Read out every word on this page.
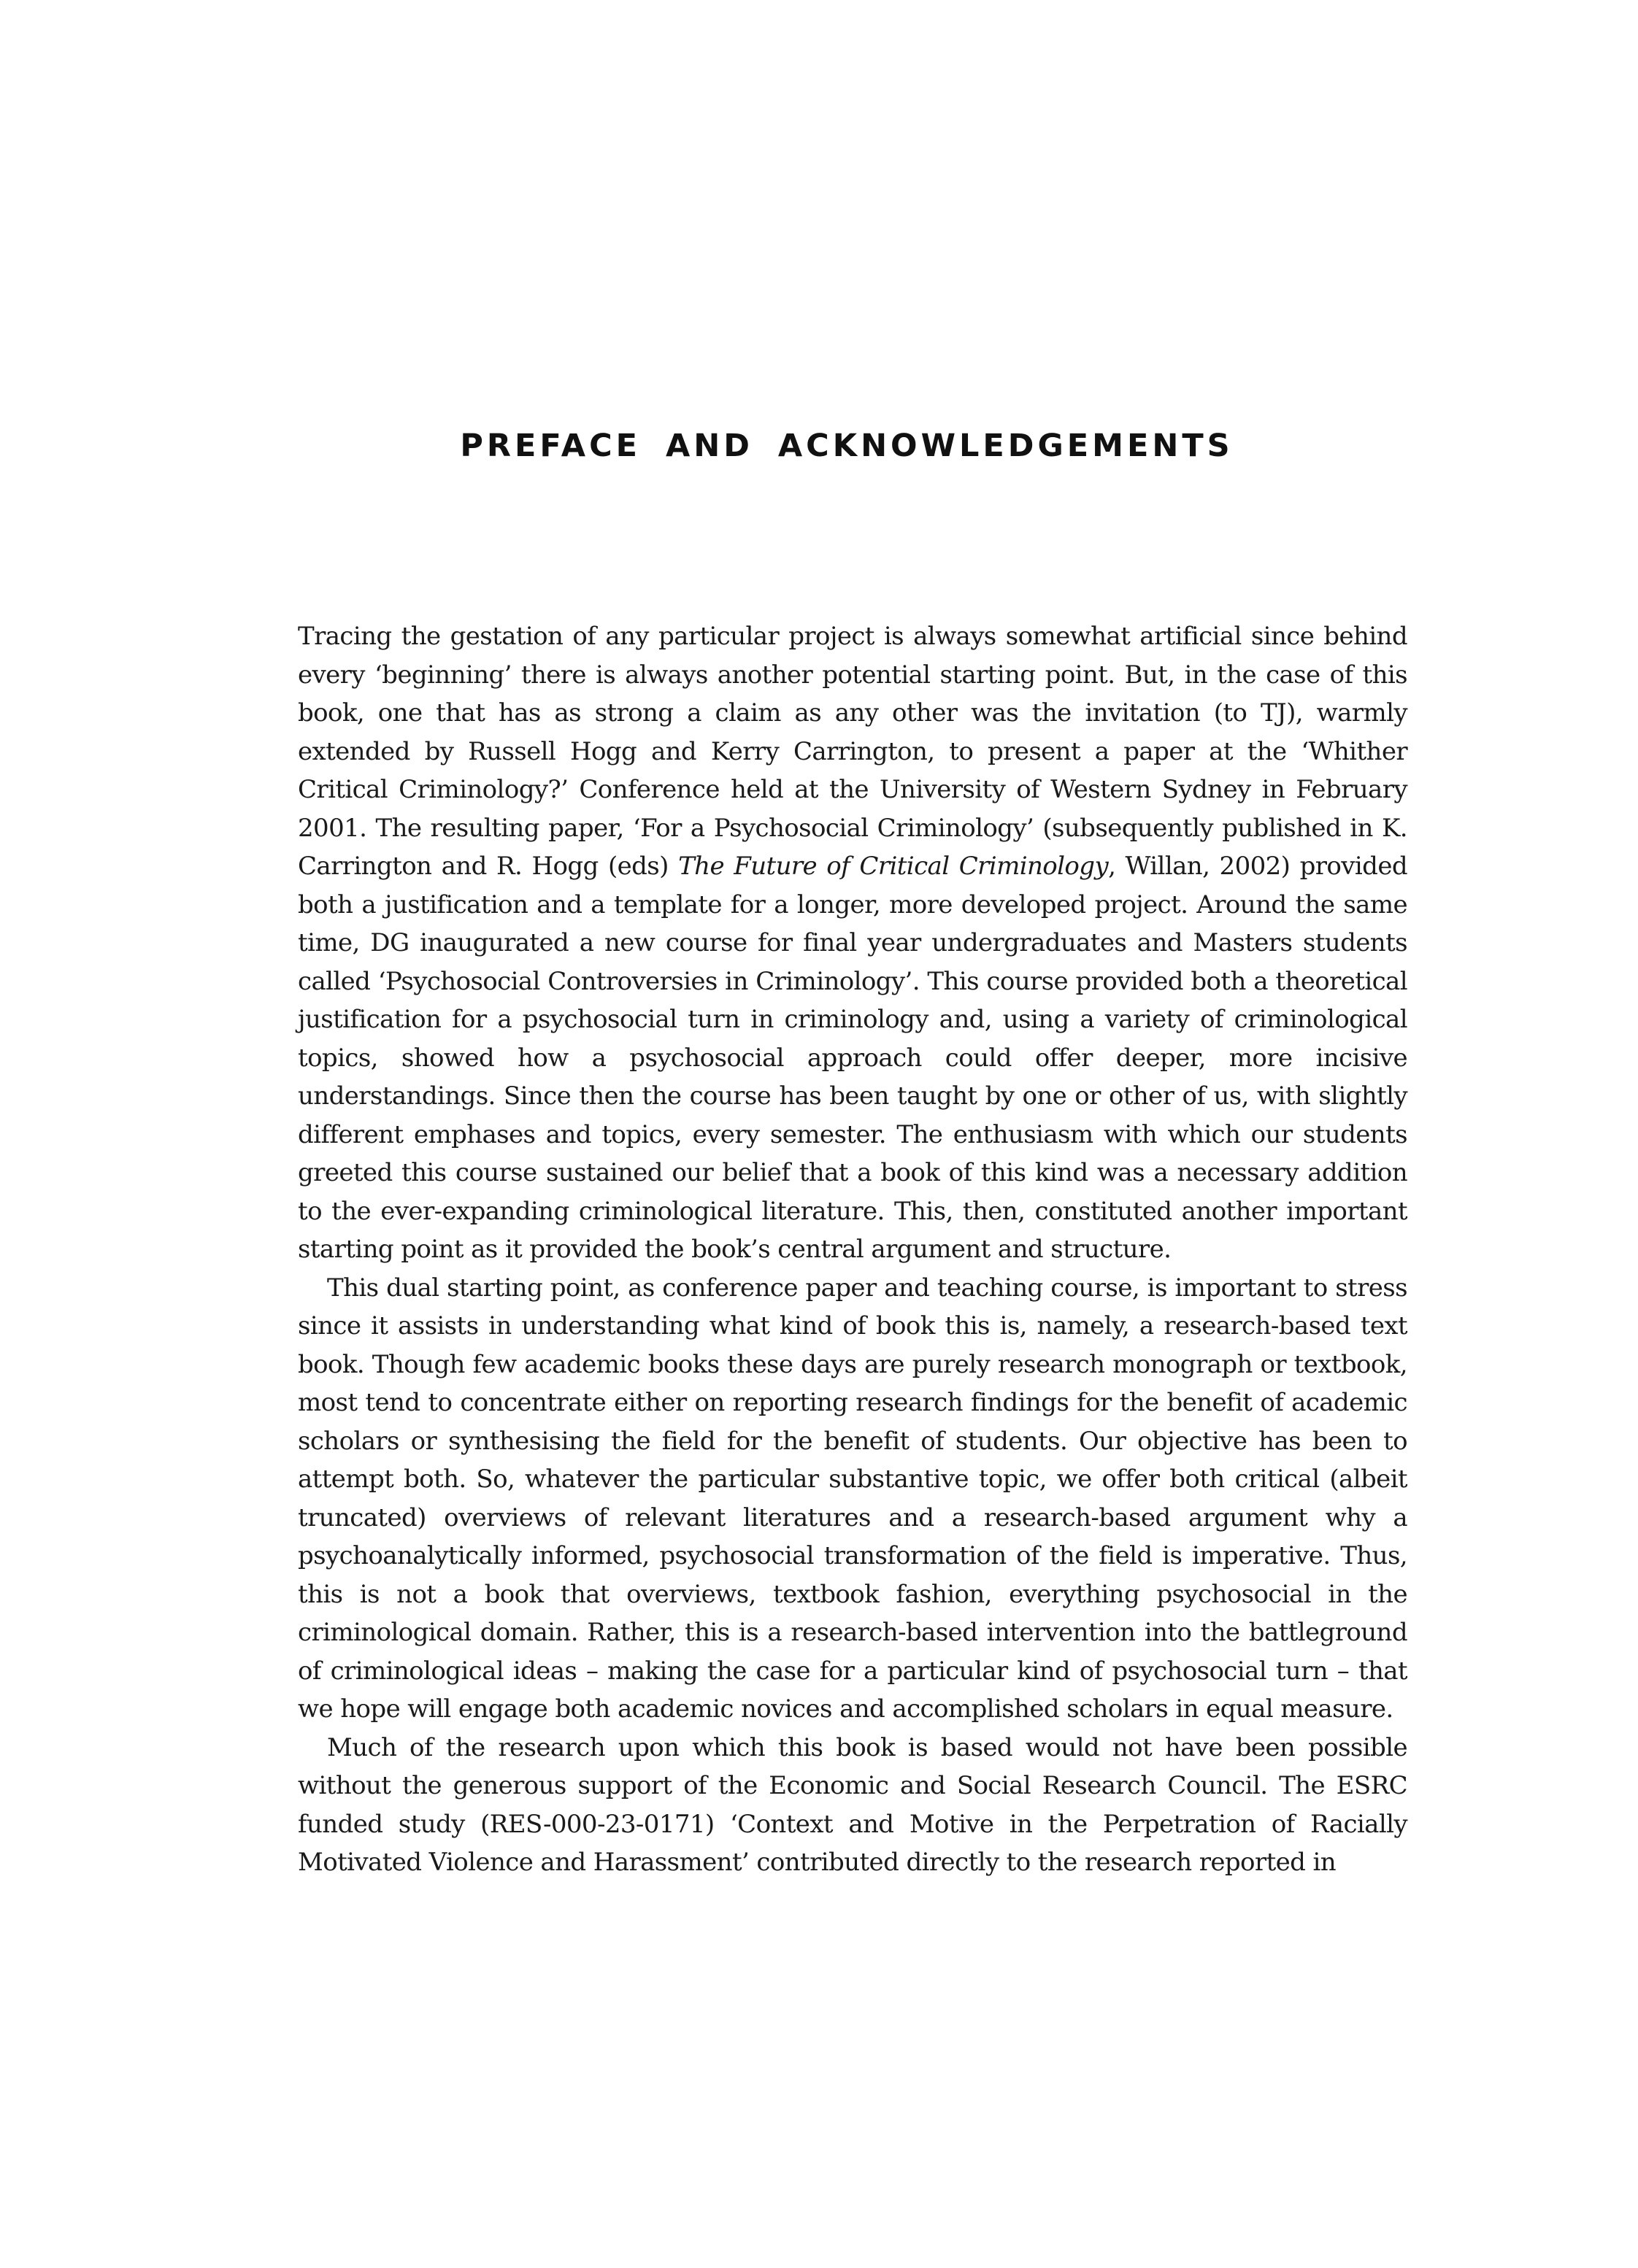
PREFACE AND ACKNOWLEDGEMENTS

Tracing the gestation of any particular project is always somewhat artificial since behind every ‘beginning’ there is always another potential starting point. But, in the case of this book, one that has as strong a claim as any other was the invitation (to TJ), warmly extended by Russell Hogg and Kerry Carrington, to present a paper at the ‘Whither Critical Criminology?’ Conference held at the University of Western Sydney in February 2001. The resulting paper, ‘For a Psychosocial Criminology’ (subsequently published in K. Carrington and R. Hogg (eds) The Future of Critical Criminology, Willan, 2002) provided both a justification and a template for a longer, more developed project. Around the same time, DG inaugurated a new course for final year undergraduates and Masters students called ‘Psychosocial Controversies in Criminology’. This course provided both a theoretical justification for a psychosocial turn in criminology and, using a variety of criminological topics, showed how a psychosocial approach could offer deeper, more incisive understandings. Since then the course has been taught by one or other of us, with slightly different emphases and topics, every semester. The enthusiasm with which our students greeted this course sustained our belief that a book of this kind was a necessary addition to the ever-expanding criminological literature. This, then, constituted another important starting point as it provided the book’s central argument and structure.

This dual starting point, as conference paper and teaching course, is important to stress since it assists in understanding what kind of book this is, namely, a research-based text book. Though few academic books these days are purely research monograph or textbook, most tend to concentrate either on reporting research findings for the benefit of academic scholars or synthesising the field for the benefit of students. Our objective has been to attempt both. So, whatever the particular substantive topic, we offer both critical (albeit truncated) overviews of relevant literatures and a research-based argument why a psychoanalytically informed, psychosocial transformation of the field is imperative. Thus, this is not a book that overviews, textbook fashion, everything psychosocial in the criminological domain. Rather, this is a research-based intervention into the battleground of criminological ideas – making the case for a particular kind of psychosocial turn – that we hope will engage both academic novices and accomplished scholars in equal measure.

Much of the research upon which this book is based would not have been possible without the generous support of the Economic and Social Research Council. The ESRC funded study (RES-000-23-0171) ‘Context and Motive in the Perpetration of Racially Motivated Violence and Harassment’ contributed directly to the research reported in
